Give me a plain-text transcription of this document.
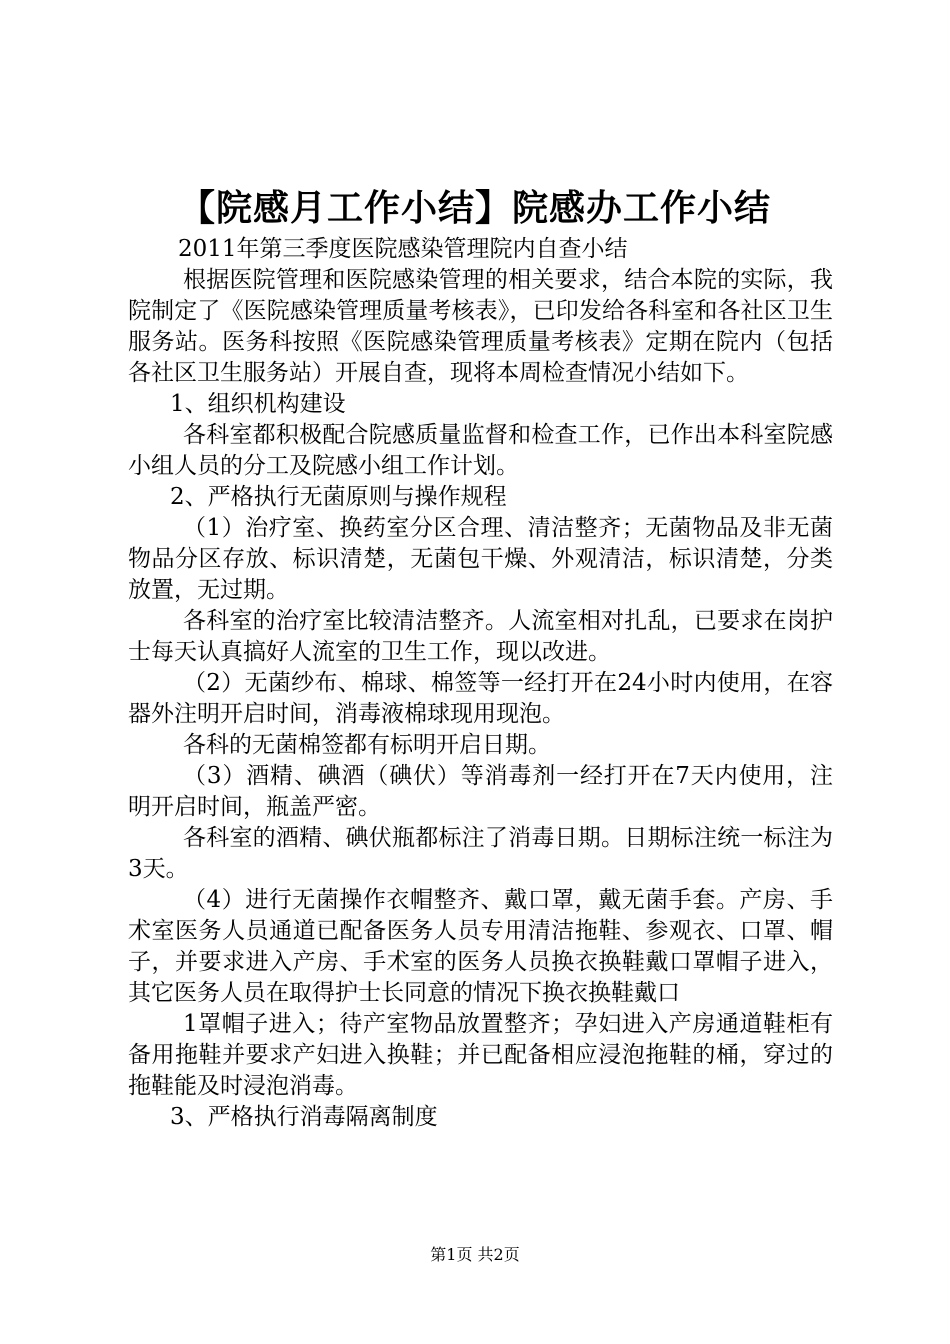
【院感月工作小结】院感办工作小结

2011年第三季度医院感染管理院内自查小结

根据医院管理和医院感染管理的相关要求，结合本院的实际，我院制定了《医院感染管理质量考核表》，已印发给各科室和各社区卫生服务站。医务科按照《医院感染管理质量考核表》定期在院内（包括各社区卫生服务站）开展自查，现将本周检查情况小结如下。

1、组织机构建设

各科室都积极配合院感质量监督和检查工作，已作出本科室院感小组人员的分工及院感小组工作计划。

2、严格执行无菌原则与操作规程

（1）治疗室、换药室分区合理、清洁整齐；无菌物品及非无菌物品分区存放、标识清楚，无菌包干燥、外观清洁，标识清楚，分类放置，无过期。

各科室的治疗室比较清洁整齐。人流室相对扎乱，已要求在岗护士每天认真搞好人流室的卫生工作，现以改进。

（2）无菌纱布、棉球、棉签等一经打开在24小时内使用，在容器外注明开启时间，消毒液棉球现用现泡。

各科的无菌棉签都有标明开启日期。

（3）酒精、碘酒（碘伏）等消毒剂一经打开在7天内使用，注明开启时间，瓶盖严密。

各科室的酒精、碘伏瓶都标注了消毒日期。日期标注统一标注为3天。

（4）进行无菌操作衣帽整齐、戴口罩，戴无菌手套。产房、手术室医务人员通道已配备医务人员专用清洁拖鞋、参观衣、口罩、帽子，并要求进入产房、手术室的医务人员换衣换鞋戴口罩帽子进入，其它医务人员在取得护士长同意的情况下换衣换鞋戴口

1罩帽子进入；待产室物品放置整齐；孕妇进入产房通道鞋柜有备用拖鞋并要求产妇进入换鞋；并已配备相应浸泡拖鞋的桶，穿过的拖鞋能及时浸泡消毒。

3、严格执行消毒隔离制度

第1页 共2页
